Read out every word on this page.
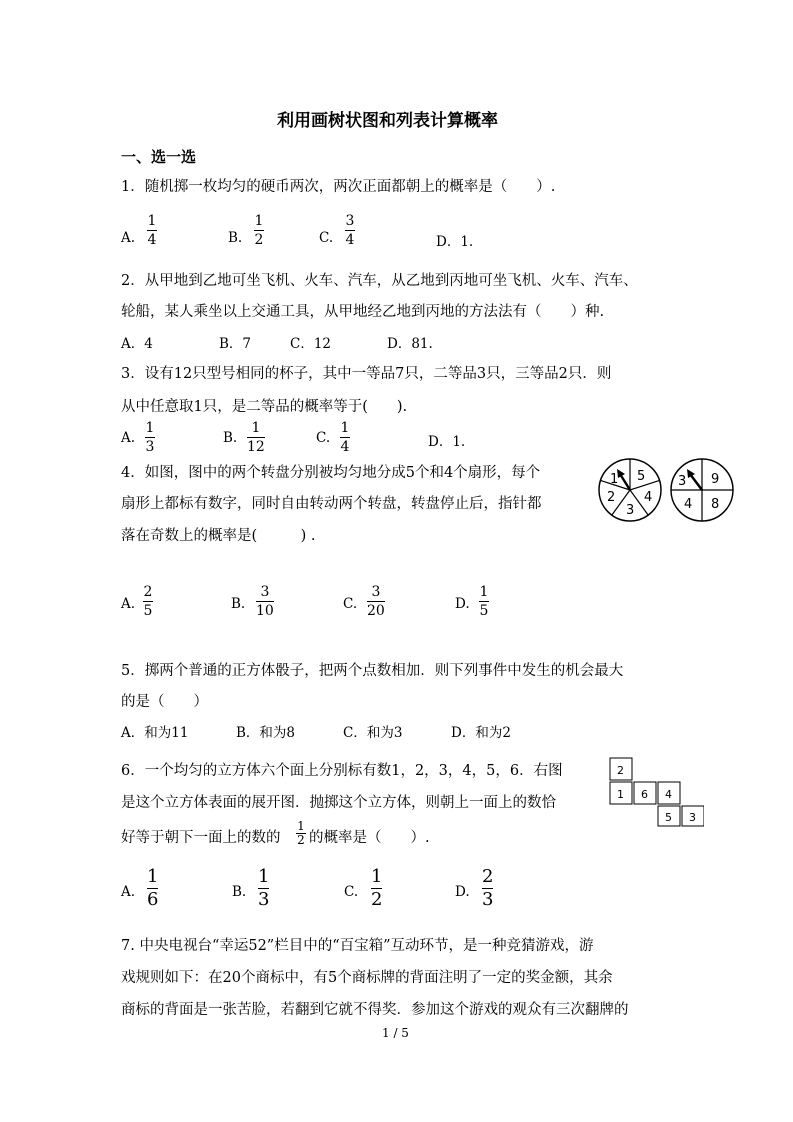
利用画树状图和列表计算概率
一、选一选
1．随机掷一枚均匀的硬币两次，两次正面都朝上的概率是（　　）.
A.
1
4	B.
1
2	C.
3
4	D．1.
2．从甲地到乙地可坐飞机、火车、汽车，从乙地到丙地可坐飞机、火车、汽车、
轮船，某人乘坐以上交通工具，从甲地经乙地到丙地的方法法有（　　）种.
A．4	B．7	C．12	D．81.
3．设有12只型号相同的杯子，其中一等品7只，二等品3只，三等品2只．则
从中任意取1只，是二等品的概率等于(　　).
A.
1
3
B.
1
12
C.
1
4	D．1.
4．如图，图中的两个转盘分别被均匀地分成5个和4个扇形，每个
扇形上都标有数字，同时自由转动两个转盘，转盘停止后，指针都
落在奇数上的概率是(　　　) .
1 5
4
3
2
3 9
8
4
A.
2
5	B.
3
10	C.
3
20	D.
1
5
5．掷两个普通的正方体骰子，把两个点数相加．则下列事件中发生的机会最大
的是（　　）
A．和为11	B．和为8	C．和为3	D．和为2
6．一个均匀的立方体六个面上分别标有数1，2，3，4，5，6．右图
是这个立方体表面的展开图．抛掷这个立方体，则朝上一面上的数恰
好等于朝下一面上的数的
1
2 的概率是（　　）.
2
1 6 4
5 3
A.
1
6	B.
1
3	C.
1
2	D.
2
3
7. 中央电视台“幸运52”栏目中的“百宝箱”互动环节，是一种竞猜游戏，游
戏规则如下：在20个商标中，有5个商标牌的背面注明了一定的奖金额，其余
商标的背面是一张苦脸，若翻到它就不得奖．参加这个游戏的观众有三次翻牌的
1 / 5
